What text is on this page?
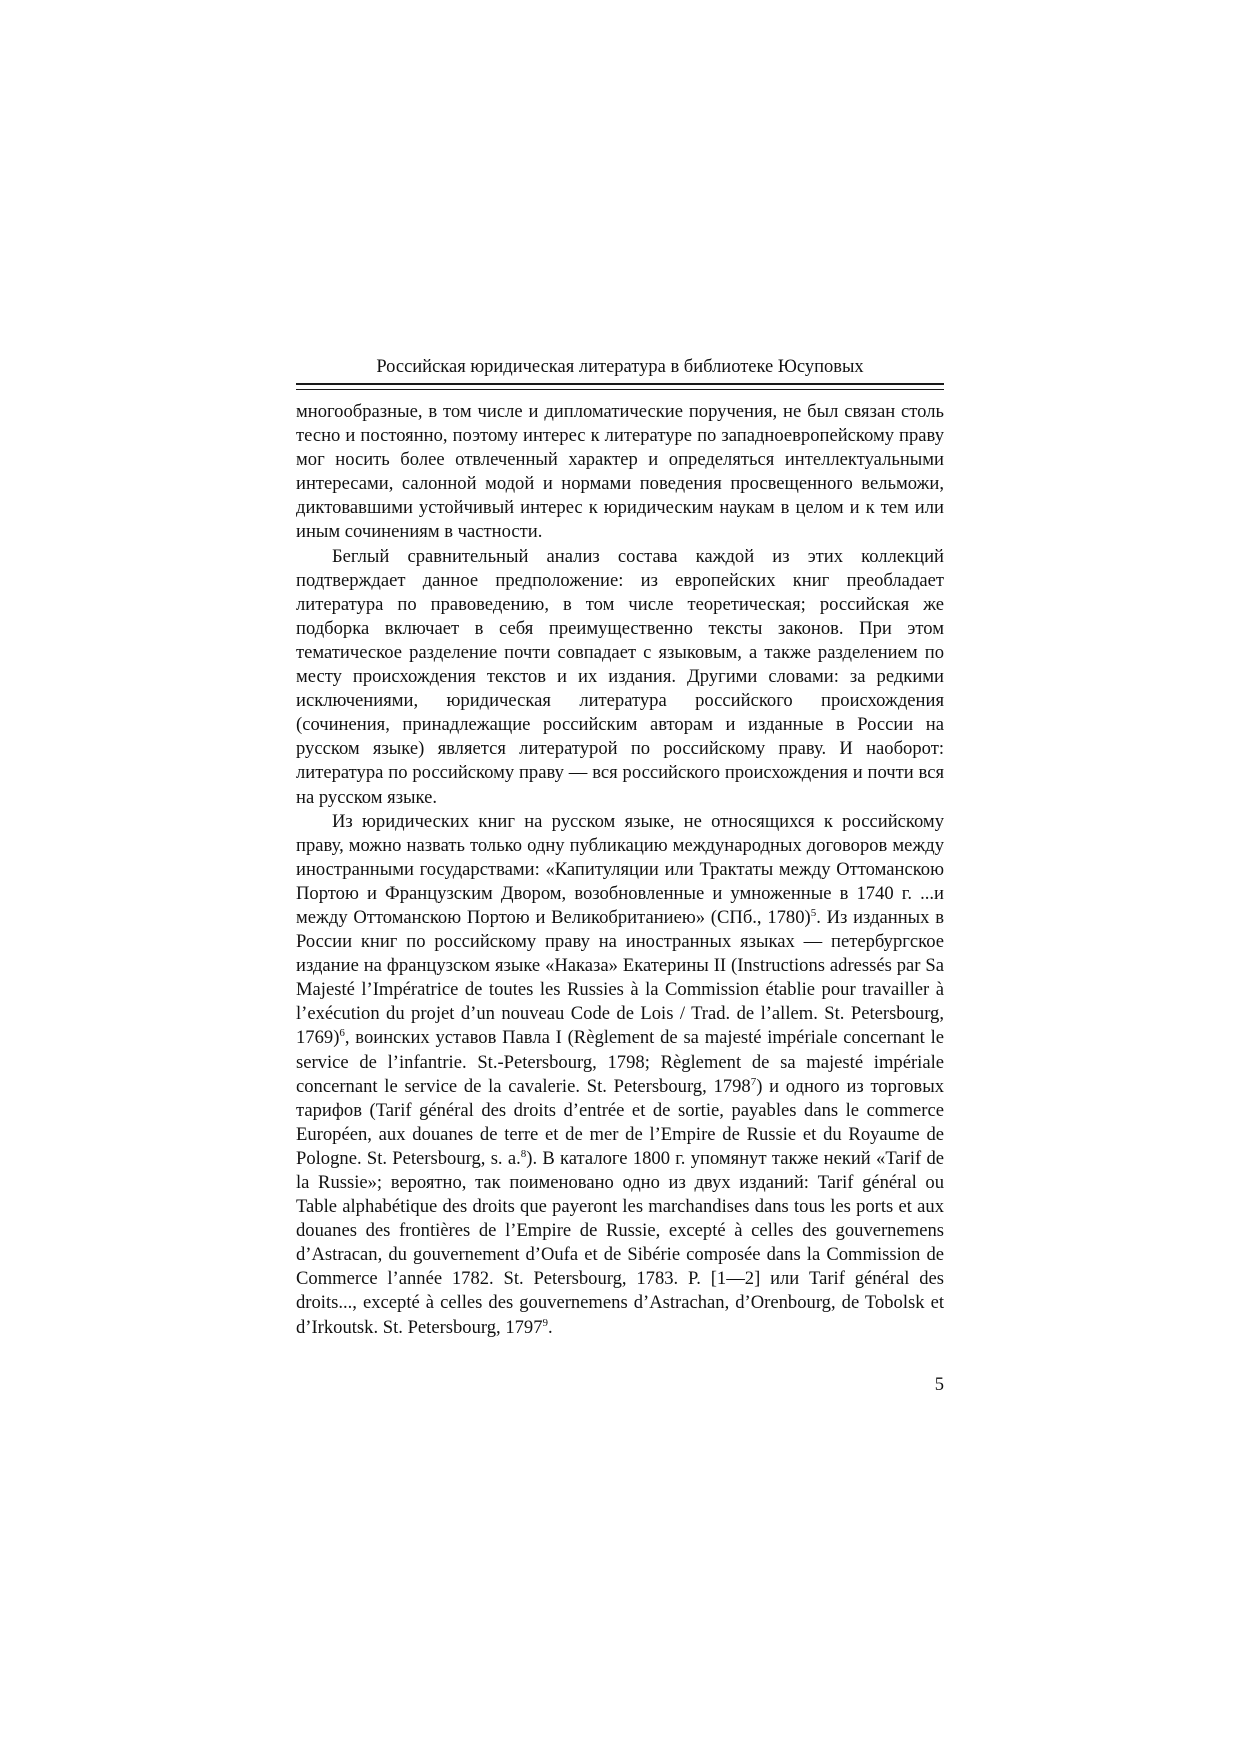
Российская юридическая литература в библиотеке Юсуповых

многообразные, в том числе и дипломатические поручения, не был связан столь тесно и постоянно, поэтому интерес к литературе по западноевропейскому праву мог носить более отвлеченный характер и определяться интеллектуальными интересами, салонной модой и нормами поведения просвещенного вельможи, диктовавшими устойчивый интерес к юридическим наукам в целом и к тем или иным сочинениям в частности.

Беглый сравнительный анализ состава каждой из этих коллекций подтверждает данное предположение: из европейских книг преобладает литература по правоведению, в том числе теоретическая; российская же подборка включает в себя преимущественно тексты законов. При этом тематическое разделение почти совпадает с языковым, а также разделением по месту происхождения текстов и их издания. Другими словами: за редкими исключениями, юридическая литература российского происхождения (сочинения, принадлежащие российским авторам и изданные в России на русском языке) является литературой по российскому праву. И наоборот: литература по российскому праву — вся российского происхождения и почти вся на русском языке.

Из юридических книг на русском языке, не относящихся к российскому праву, можно назвать только одну публикацию международных договоров между иностранными государствами: «Капитуляции или Трактаты между Оттоманскою Портою и Французским Двором, возобновленные и умноженные в 1740 г. ...и между Оттоманскою Портою и Великобританиею» (СПб., 1780)$^5$. Из изданных в России книг по российскому праву на иностранных языках — петербургское издание на французском языке «Наказа» Екатерины II (Instructions adressés par Sa Majesté l’Impératrice de toutes les Russies à la Commission établie pour travailler à l’exécution du projet d’un nouveau Code de Lois / Trad. de l’allem. St. Petersbourg, 1769)$^6$, воинских уставов Павла I (Règlement de sa majesté impériale concernant le service de l’infantrie. St.-Petersbourg, 1798; Règlement de sa majesté impériale concernant le service de la cavalerie. St. Petersbourg, 1798$^7$) и одного из торговых тарифов (Tarif général des droits d’entrée et de sortie, payables dans le commerce Européen, aux douanes de terre et de mer de l’Empire de Russie et du Royaume de Pologne. St. Petersbourg, s. a.$^8$). В каталоге 1800 г. упомянут также некий «Tarif de la Russie»; вероятно, так поименовано одно из двух изданий: Tarif général ou Table alphabétique des droits que payeront les marchandises dans tous les ports et aux douanes des frontières de l’Empire de Russie, excepté à celles des gouvernemens d’Astracan, du gouvernement d’Oufa et de Sibérie composée dans la Commission de Commerce l’année 1782. St. Petersbourg, 1783. P. [1—2] или Tarif général des droits..., excepté à celles des gouvernemens d’Astrachan, d’Orenbourg, de Tobolsk et d’Irkoutsk. St. Petersbourg, 1797$^9$.

5
